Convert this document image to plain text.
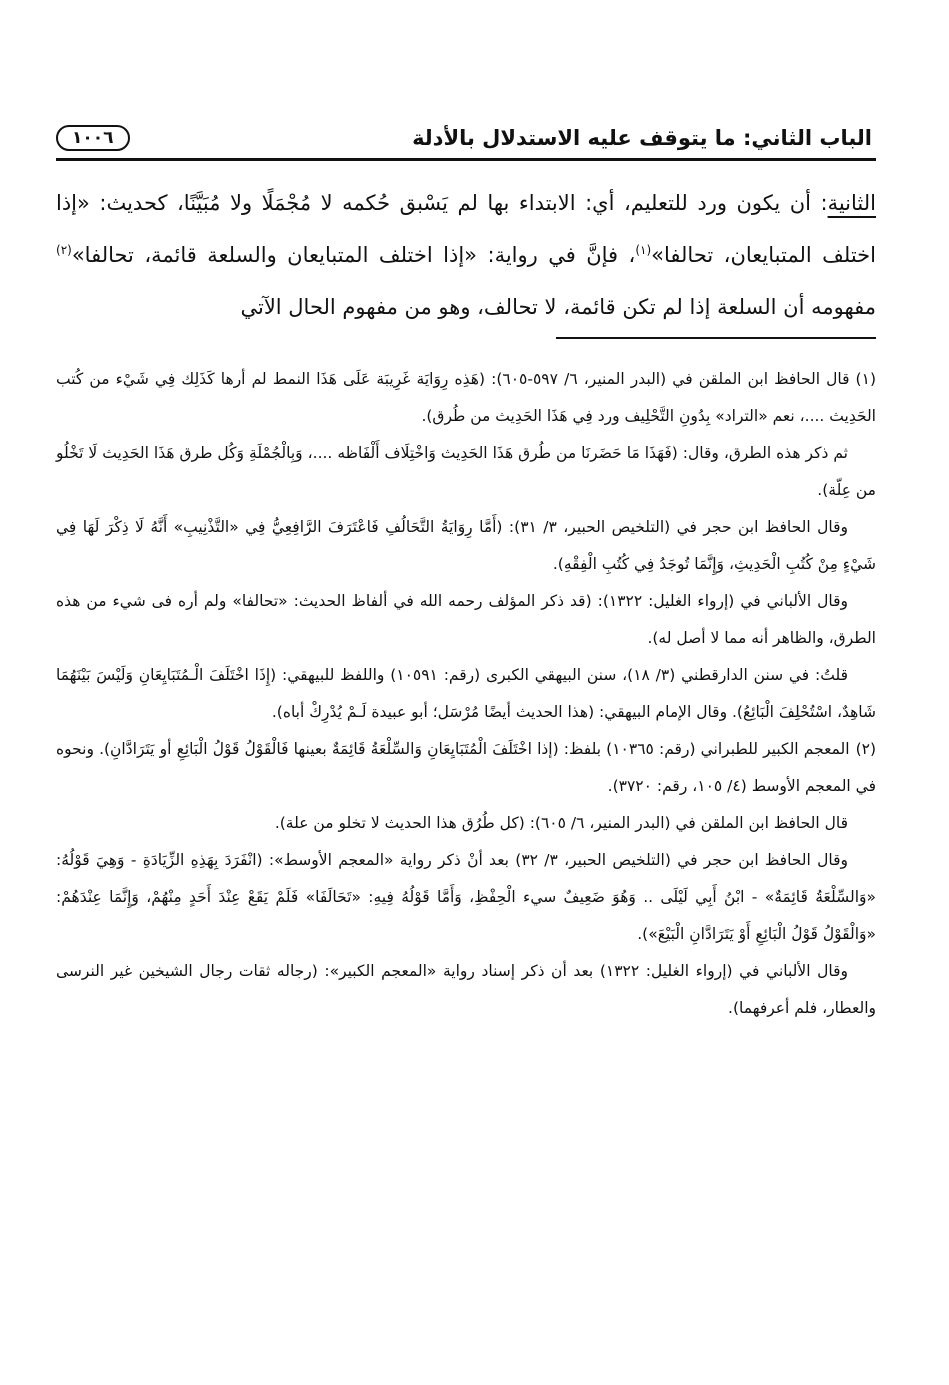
الباب الثاني: ما يتوقف عليه الاستدلال بالأدلة
١٠٠٦
الثانية: أن يكون ورد للتعليم، أي: الابتداء بها لم يَسْبق حُكمه لا مُجْمَلًا ولا مُبَيَّنًا، كحديث: «إذا اختلف المتبايعان، تحالفا»$^{(١)}$، فإنَّ في رواية: «إذا اختلف المتبايعان والسلعة قائمة، تحالفا»$^{(٢)}$ مفهومه أن السلعة إذا لم تكن قائمة، لا تحالف، وهو من مفهوم الحال الآتي

(١)قال الحافظ ابن الملقن في (البدر المنير، ٦/ ٥٩٧-٦٠٥): (هَذِه رِوَايَة غَرِيبَة عَلَى هَذَا النمط لم أرها كَذَلِك فِي شَيْء من كُتب الحَدِيث ....، نعم «التراد» بِدُونِ التَّحْلِيف ورد فِي هَذَا الحَدِيث من طُرق).

ثم ذكر هذه الطرق، وقال: (فَهَذَا مَا حَضَرنَا من طُرق هَذَا الحَدِيث وَاخْتِلَاف أَلْفَاظه ....، وَبِالْجُمْلَةِ وَكُل طرق هَذَا الحَدِيث لَا تَخْلُو من عِلّة).

وقال الحافظ ابن حجر في (التلخيص الحبير، ٣/ ٣١): (أَمَّا رِوَايَةُ التَّحَالُفِ فَاعْتَرَفَ الرَّافِعِيُّ فِي «التَّذْنِيبِ» أَنَّهُ لَا ذِكْرَ لَهَا فِي شَيْءٍ مِنْ كُتُبِ الْحَدِيثِ، وَإِنَّمَا تُوجَدُ فِي كُتُبِ الْفِقْهِ).

وقال الألباني في (إرواء الغليل: ١٣٢٢): (قد ذكر المؤلف رحمه الله في ألفاظ الحديث: «تحالفا» ولم أره فى شيء من هذه الطرق، والظاهر أنه مما لا أصل له).

قلتُ: في سنن الدارقطني (٣/ ١٨)، سنن البيهقي الكبرى (رقم: ١٠٥٩١) واللفظ للبيهقي: (إِذَا اخْتَلَفَ الْـمُتَبَايِعَانِ وَلَيْسَ بَيْنَهُمَا شَاهِدٌ، اسْتُحْلِفَ الْبَائِعُ). وقال الإمام البيهقي: (هذا الحديث أيضًا مُرْسَل؛ أبو عبيدة لَـمْ يُدْرِكْ أباه).

(٢)المعجم الكبير للطبراني (رقم: ١٠٣٦٥) بلفظ: (إذا اخْتَلَفَ الْمُتَبَايِعَانِ وَالسِّلْعَةُ قَائِمَةٌ بعينها فَالْقَوْلُ قَوْلُ الْبَائِعِ أو يَتَرَادَّانِ). ونحوه في المعجم الأوسط (٤/ ١٠٥، رقم: ٣٧٢٠).

قال الحافظ ابن الملقن في (البدر المنير، ٦/ ٦٠٥): (كل طُرُق هذا الحديث لا تخلو من علة).

وقال الحافظ ابن حجر في (التلخيص الحبير، ٣/ ٣٢) بعد أنْ ذكر رواية «المعجم الأوسط»: (انْفَرَدَ بِهَذِهِ الزِّيَادَةِ - وَهِيَ قَوْلُهُ: «وَالسِّلْعَةُ قَائِمَةٌ» - ابْنُ أَبِي لَيْلَى .. وَهُوَ ضَعِيفٌ سيء الْحِفْظِ، وَأَمَّا قَوْلُهُ فِيهِ: «تَحَالَفَا» فَلَمْ يَقَعْ عِنْدَ أَحَدٍ مِنْهُمْ، وَإِنَّمَا عِنْدَهُمْ: «وَالْقَوْلُ قَوْلُ الْبَائِعِ أَوْ يَتَرَادَّانِ الْبَيْعَ»).

وقال الألباني في (إرواء الغليل: ١٣٢٢) بعد أن ذكر إسناد رواية «المعجم الكبير»: (رجاله ثقات رجال الشيخين غير النرسى والعطار، فلم أعرفهما).
